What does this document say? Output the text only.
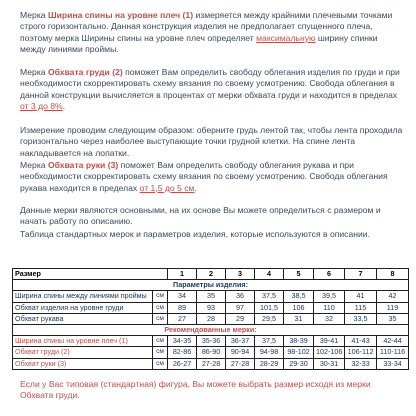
Мерка Ширина спины на уровне плеч (1) измеряется между крайними плечевыми точками строго горизонтально. Данная конструкция изделия не предполагает спущенного плеча, поэтому мерка Ширины спины на уровне плеч определяет максимальную ширину спинки между линиями проймы.
Мерка Обхвата груди (2) поможет Вам определить свободу облегания изделия по груди и при необходимости скорректировать схему вязания по своему усмотрению. Свобода облегания в данной конструкции вычисляется в процентах от мерки обхвата груди и находится в пределах от 3 до 8%.
Измерение проводим следующим образом: оберните грудь лентой так, чтобы лента проходила горизонтально через наиболее выступающие точки грудной клетки. На спине лента накладывается на лопатки.
Мерка Обхвата руки (3) поможет Вам определить свободу облегания рукава и при необходимости скорректировать схему вязания по своему усмотрению. Свобода облегания рукава находится в пределах от 1,5 до 5 см.
Данные мерки являются основными, на их основе Вы можете определиться с размером и начать работу по описанию.
Таблица стандартных мерок и параметров изделия, которые используются в описании.
Размер		1	2	3	4	5	6	7	8
Параметры изделия:									
Ширина спины между линиями проймы	см	34	35	36	37,5	38,5	39,5	41	42
Обхват изделия на уровне груди	см	89	93	97	101,5	106	110	115	119
Обхват рукава	см	27	28	29	29,5	31	32	33,5	35
Рекомендованные мерки:									
Ширина спины на уровне плеч (1)	см	34-35	35-36	36-37	37,5	38-39	39-41	41-43	42-44
Обхват груди (2)	см	82-86	86-90	90-94	94-98	98-102	102-106	106-112	110-116
Обхват руки (3)	см	26-27	27-28	27-28	28-29	29-30	30-31	32-33	33-34
Если у Вас типовая (стандартная) фигура, Вы можете выбрать размер исходя из мерки Обхвата груди.
